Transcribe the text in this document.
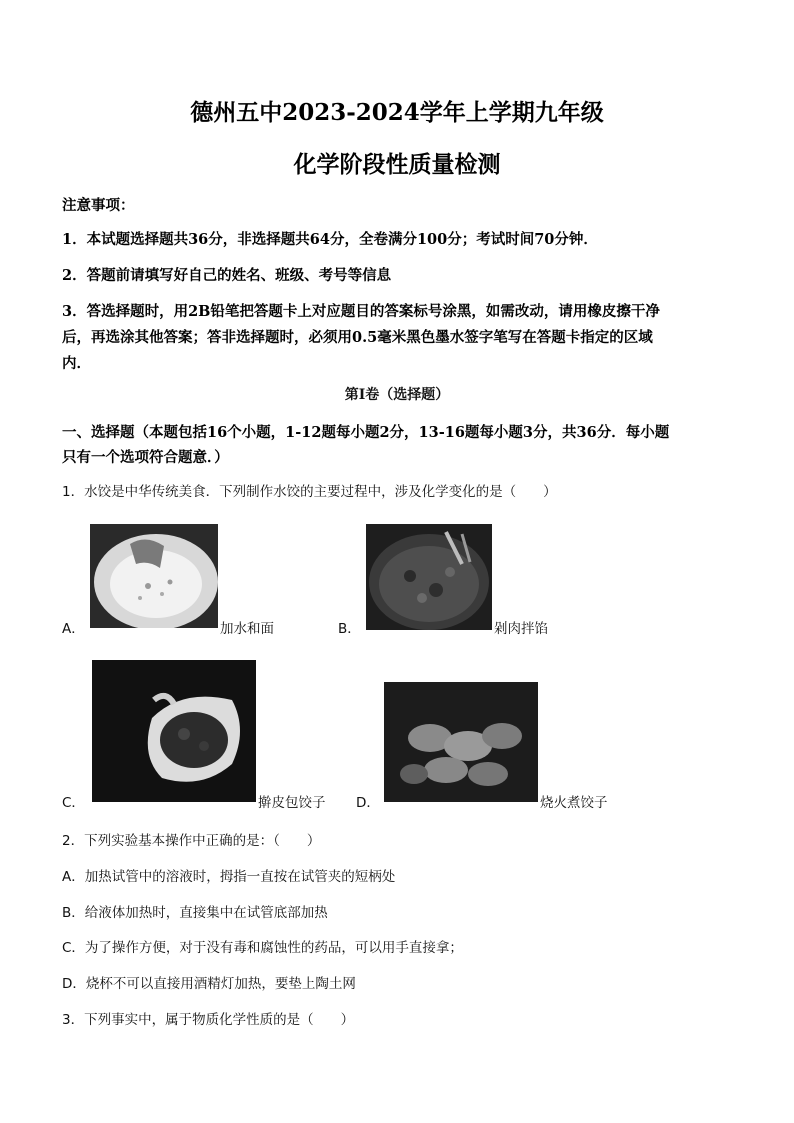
德州五中2023-2024学年上学期九年级
化学阶段性质量检测
注意事项：
1．本试题选择题共36分，非选择题共64分，全卷满分100分；考试时间70分钟．
2．答题前请填写好自己的姓名、班级、考号等信息
3．答选择题时，用2B铅笔把答题卡上对应题目的答案标号涂黑，如需改动，请用橡皮擦干净
后，再选涂其他答案；答非选择题时，必须用0.5毫米黑色墨水签字笔写在答题卡指定的区域
内．
第Ⅰ卷（选择题）
一、选择题（本题包括16个小题，1-12题每小题2分，13-16题每小题3分，共36分．每小题
只有一个选项符合题意．）
1．水饺是中华传统美食．下列制作水饺的主要过程中，涉及化学变化的是（　　）
A．	加水和面	B．	剁肉拌馅
C．	擀皮包饺子 D．	烧火煮饺子
2．下列实验基本操作中正确的是：（　　）
A．加热试管中的溶液时，拇指一直按在试管夹的短柄处
B．给液体加热时，直接集中在试管底部加热
C．为了操作方便，对于没有毒和腐蚀性的药品，可以用手直接拿；
D．烧杯不可以直接用酒精灯加热，要垫上陶土网
3．下列事实中，属于物质化学性质的是（　　）
